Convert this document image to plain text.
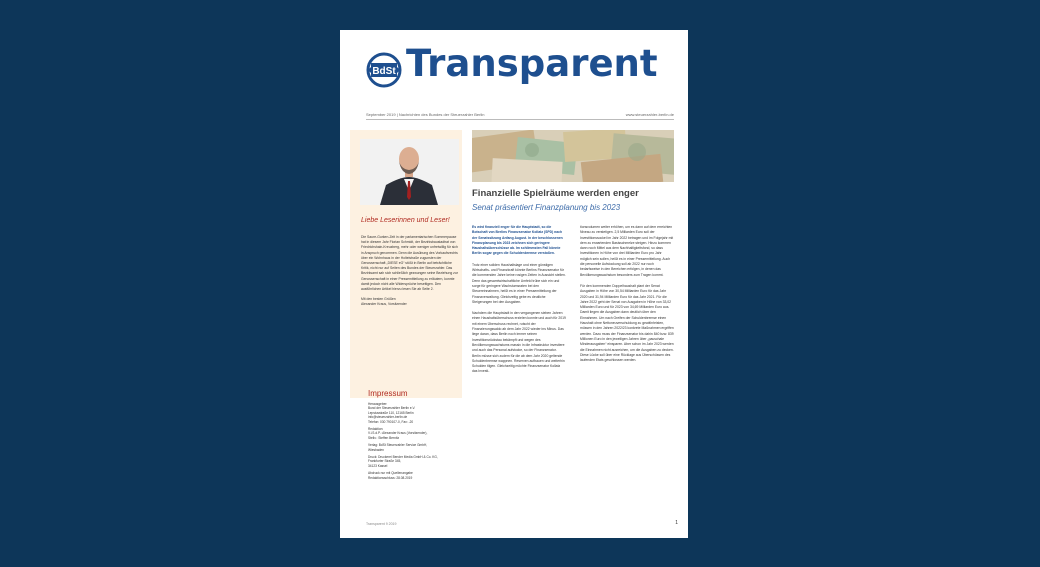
BdSt Transparent
September 2019 | Nachrichten des Bundes der Steuerzahler Berlin	www.steuerzahler-berlin.de
Liebe Leserinnen und Leser!

Die Saure-Gurken-Zeit in der parlamentarischen Sommerpause hat in diesem Jahr Florian Schmidt, der Bezirksbaustadtrat von Friedrichshain-Kreuzberg, mehr oder weniger unfreiwillig für sich in Anspruch genommen. Denn die Ausübung des Vorkaufsrechts über ein Wohnhaus in der Holteistraße zugunsten der Genossenschaft „DIESE eG“ stößt in Berlin auf beträchtliche Kritik, nicht nur auf Seiten des Bundes der Steuerzahler. Das Bezirksamt sah sich schließlich gezwungen seine Beziehung zur Genossenschaft in einer Pressemitteilung zu erläutern, konnte damit jedoch nicht alle Widersprüche beseitigen. Den ausführlichen Artikel hierzu lesen Sie ab Seite 2.

Mit den besten Grüßen
Alexander Kraus, Vorsitzender

Impressum

Herausgeber:
Bund der Steuerzahler Berlin e.V.
Lepsiusstraße 110, 12165 Berlin
info@steuerzahler-berlin.de
Telefon: 030 790107-0, Fax: -20

Redaktion:
V.i.S.d.P.: Alexander Kraus (Vorsitzender),
Stellv.: Steffen Bernitz

Verlag: BdSt Steuerzahler Service GmbH,
Wiesbaden

Druck: Druckerei Bender Media GmbH & Co. KG,
Frankfurter Straße 345,
34123 Kassel

Abdruck nur mit Quellenangabe
Redaktionsschluss: 28.08.2019

Finanzielle Spielräume werden enger
Senat präsentiert Finanzplanung bis 2023

Es wird finanziell enger für die Hauptstadt, so die Botschaft von Berlins Finanzsenator Kollatz (SPD) nach der Senatssitzung Anfang August. In der beschlossenen Finanzplanung bis 2023 zeichnen sich geringere Haushaltsüberschüsse ab. Im schlimmsten Fall könnte Berlin sogar gegen die Schuldenbremse verstoßen.

Trotz einer soliden Haushaltslage und einer günstigen Wirtschafts- und Finanzkraft könnte Berlins Finanzsenator für die kommenden Jahre keine rosigen Zeiten in Aussicht stellen. Denn das gesamtwirtschaftliche Umfeld trübe sich ein und sorge für geringere Wachstumsraten bei den Steuereinnahmen, heißt es in einer Pressemitteilung der Finanzverwaltung. Gleichzeitig gebe es deutliche Steigerungen bei den Ausgaben.

Nachdem die Hauptstadt in den vergangenen sieben Jahren einen Haushaltsüberschuss erzielen konnte und auch für 2019 mit einem Überschuss rechnet, rutscht der Finanzierungssaldo ab dem Jahr 2022 wieder ins Minus. Das liege daran, dass Berlin noch immer seinen Investitionsrückstau bekämpft und wegen des Bevölkerungswachstums massiv in die Infrastruktur investiere und auch das Personal aufstocke, so der Finanzsenator. Berlin müsse sich zudem für die ab dem Jahr 2020 geltende Schuldenbremse wappnen. Reserven aufbauen und weiterhin Schulden tilgen. Gleichzeitig möchte Finanzsenator Kollatz das Investi-

tionsvolumen weiter erhöhen, um es dann auf dem erreichten Niveau zu verstetigen. 2,5 Milliarden Euro soll der Investitionssockel im Jahr 2022 betragen und im Folgejahr mit dem zu erwartenden Basisschmelze steigen. Hinzu kommen dann noch Mittel aus dem Nachhaltigkeitsfond, so dass Investitionen in Höhe von drei Milliarden Euro pro Jahr möglich sein sollen, heißt es in einer Pressemitteilung. Auch die personelle Aufstockung soll ab 2022 nur noch bedarfsweise in den Bereichen erfolgen, in denen das Bevölkerungswachstum besonders zum Tragen kommt.

Für den kommenden Doppelhaushalt plant der Senat Ausgaben in Höhe von 30,54 Milliarden Euro für das Jahr 2020 und 31,94 Milliarden Euro für das Jahr 2021. Für die Jahre 2022 geht der Senat von Ausgaben in Höhe von 33,02 Milliarden Euro und für 2023 von 34,69 Milliarden Euro aus. Damit liegen die Ausgaben dann deutlich über den Einnahmen. Um nach Greifen der Schuldenbremse einen Haushalt ohne Nettoneuverschuldung zu gewährleisten, müssen in den Jahren 2022/23 konkrete Maßnahmen ergriffen werden. Dazu muss der Finanzsenator bis dahin 840 bzw. 839 Millionen Euro in den jeweiligen Jahren über „pauschale Minderausgaben“ einsparen. Aber schon im Jahr 2023 werden die Einnahmen nicht ausreichen, um die Ausgaben zu decken. Diese Lücke soll über eine Rücklage aus Überschüssen des laufenden Etats geschlossen werden.

Transparent 9 2019	1
